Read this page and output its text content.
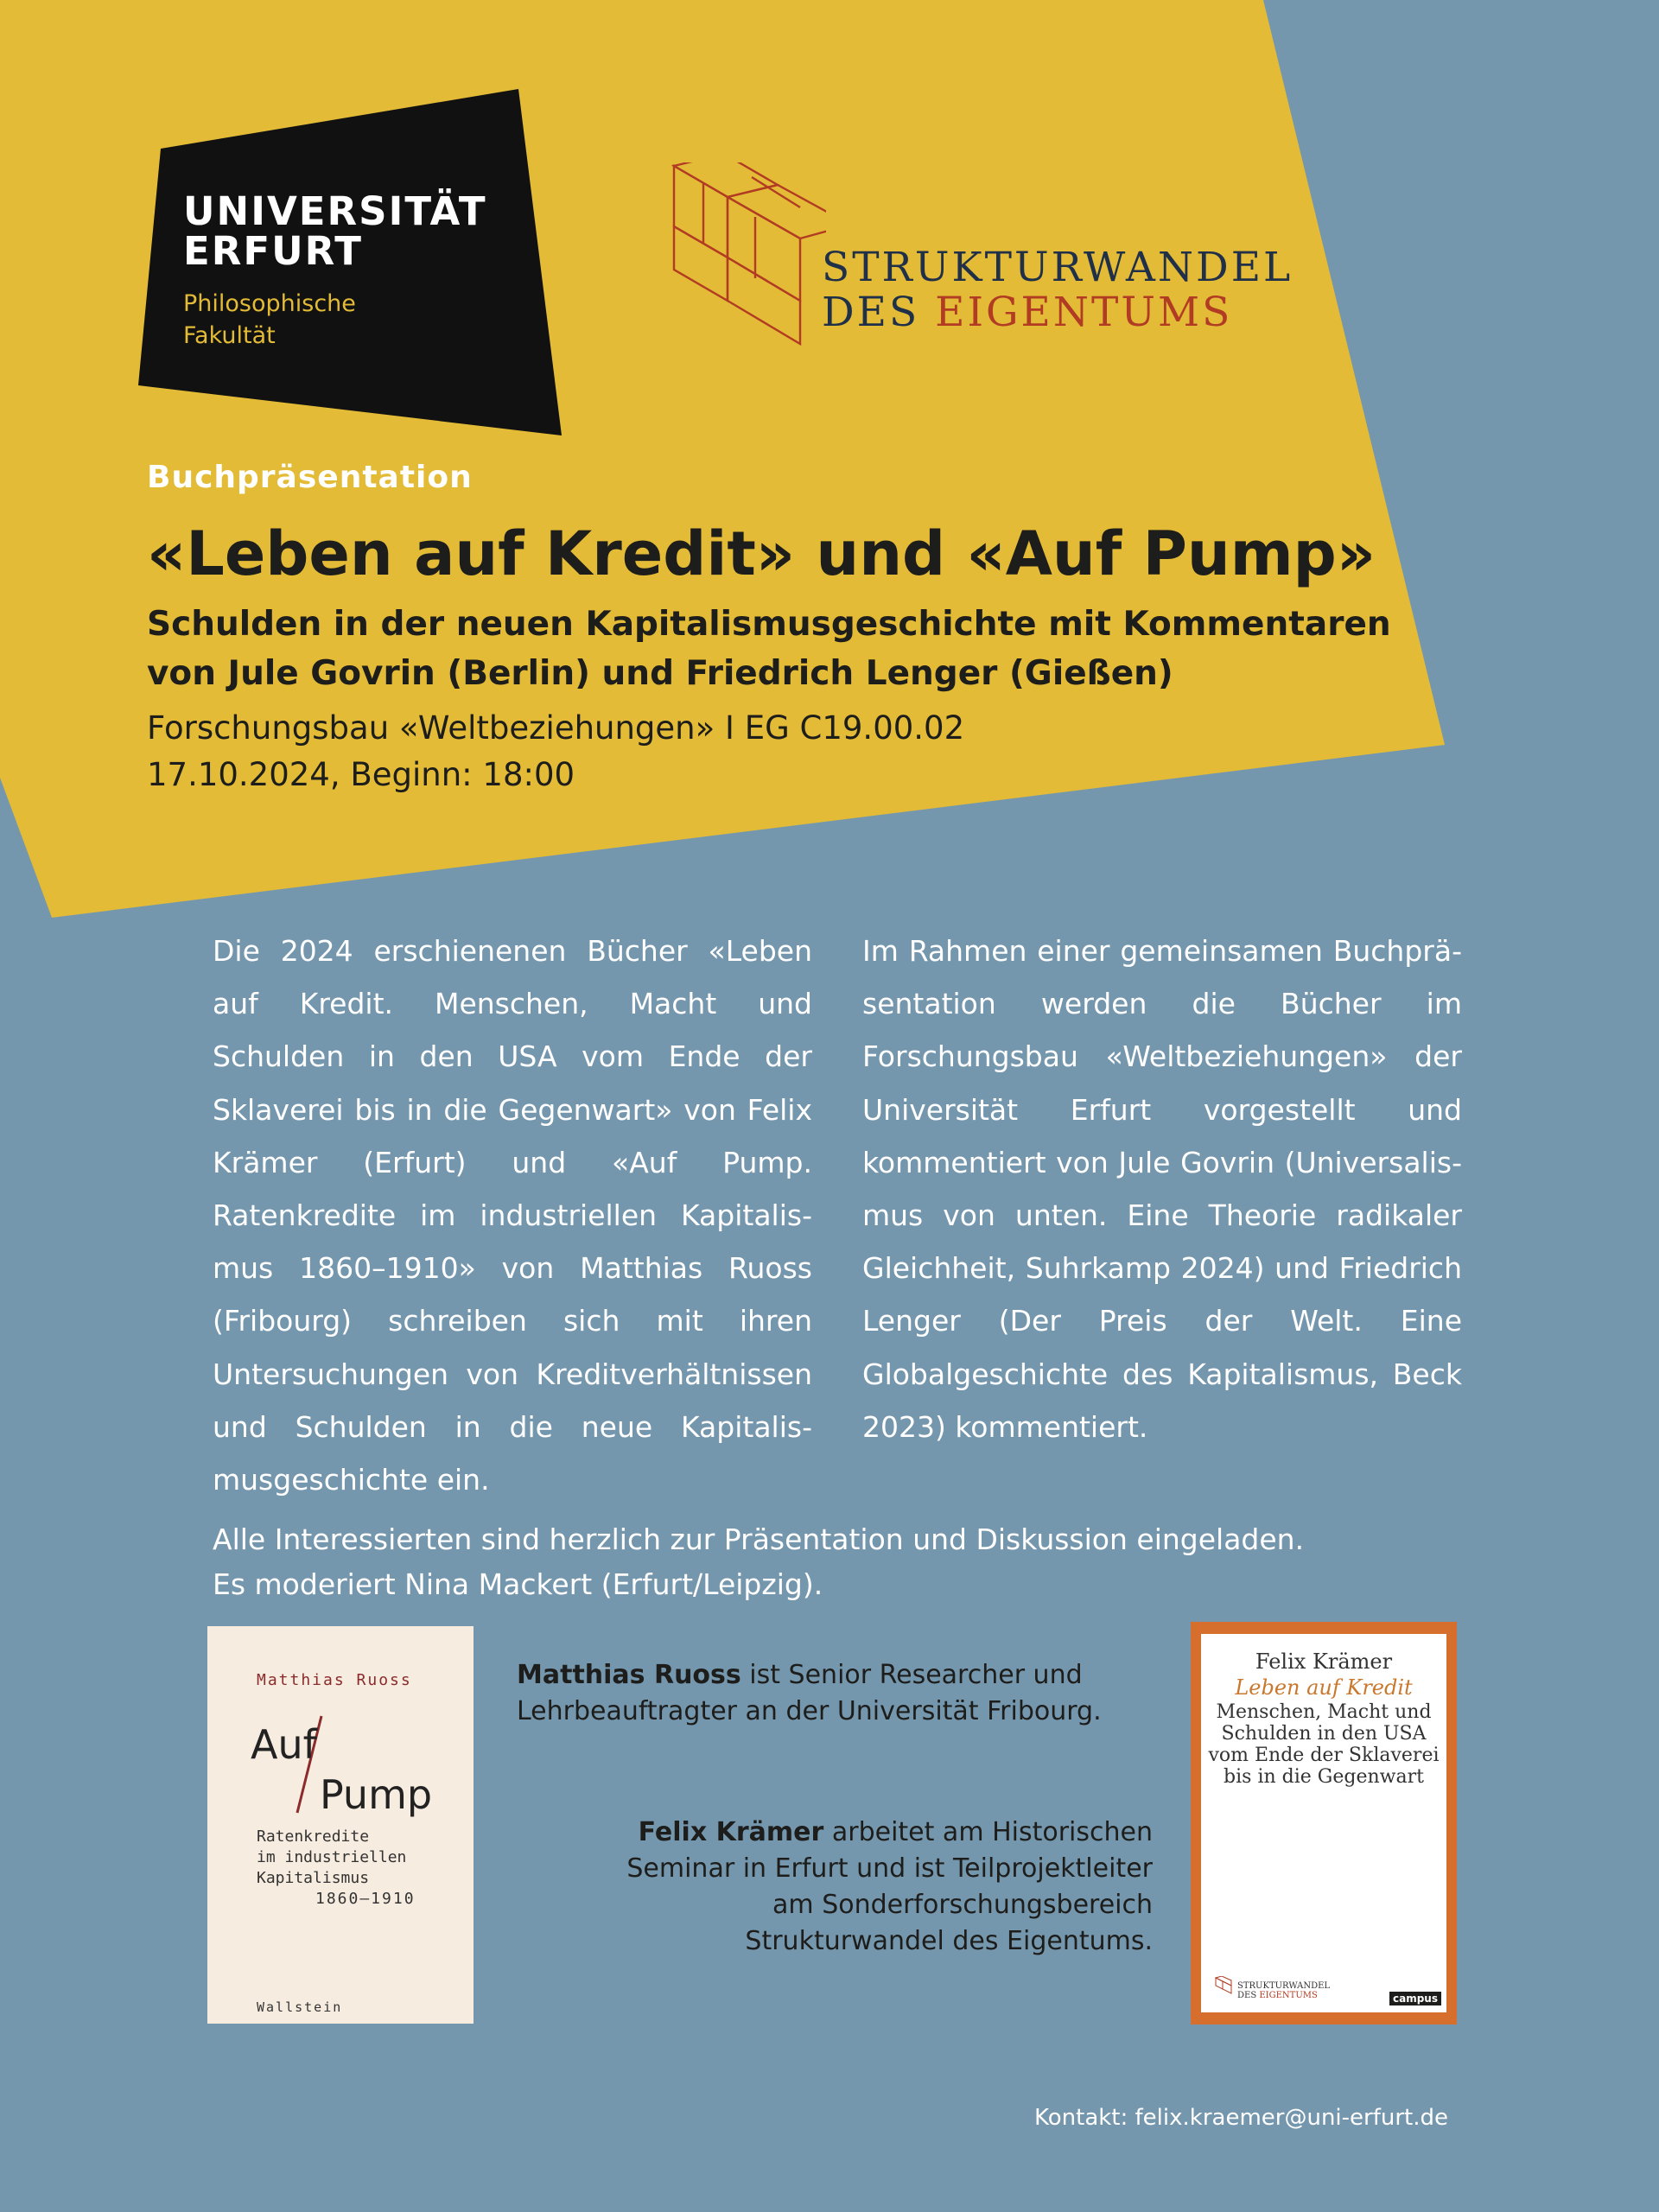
UNIVERSITÄT
ERFURT
Philosophische
Fakultät
STRUKTURWANDEL
DES EIGENTUMS
Buchpräsentation
«Leben auf Kredit» und «Auf Pump»
Schulden in der neuen Kapitalismusgeschichte mit Kommentaren
von Jule Govrin (Berlin) und Friedrich Lenger (Gießen)
Forschungsbau «Weltbeziehungen» I EG C19.00.02
17.10.2024, Beginn: 18:00
Die 2024 erschienenen Bücher «Leben auf Kredit. Menschen, Macht und Schulden in den USA vom Ende der Sklaverei bis in die Gegenwart» von Felix Krämer (Erfurt) und «Auf Pump. Ratenkredite im industriellen Kapitalismus 1860–1910» von Matthias Ruoss (Fribourg) schreiben sich mit ihren Untersuchungen von Kreditverhältnissen und Schulden in die neue Kapitalismusgeschichte ein.
Im Rahmen einer gemeinsamen Buchpräsentation werden die Bücher im Forschungsbau «Weltbeziehungen» der Universität Erfurt vorgestellt und kommentiert von Jule Govrin (Universalismus von unten. Eine Theorie radikaler Gleichheit, Suhrkamp 2024) und Friedrich Lenger (Der Preis der Welt. Eine Globalgeschichte des Kapitalismus, Beck 2023) kommentiert.
Alle Interessierten sind herzlich zur Präsentation und Diskussion eingeladen.
Es moderiert Nina Mackert (Erfurt/Leipzig).
Matthias Ruoss
Auf
Pump
Ratenkredite
im industriellen
Kapitalismus
1860–1910
Wallstein
Matthias Ruoss ist Senior Researcher und
Lehrbeauftragter an der Universität Fribourg.
Felix Krämer arbeitet am Historischen
Seminar in Erfurt und ist Teilprojektleiter
am Sonderforschungsbereich
Strukturwandel des Eigentums.
Felix Krämer
Leben auf Kredit
Menschen, Macht und Schulden in den USA vom Ende der Sklaverei bis in die Gegenwart
STRUKTURWANDEL
DES EIGENTUMS	campus
Kontakt: felix.kraemer@uni-erfurt.de
